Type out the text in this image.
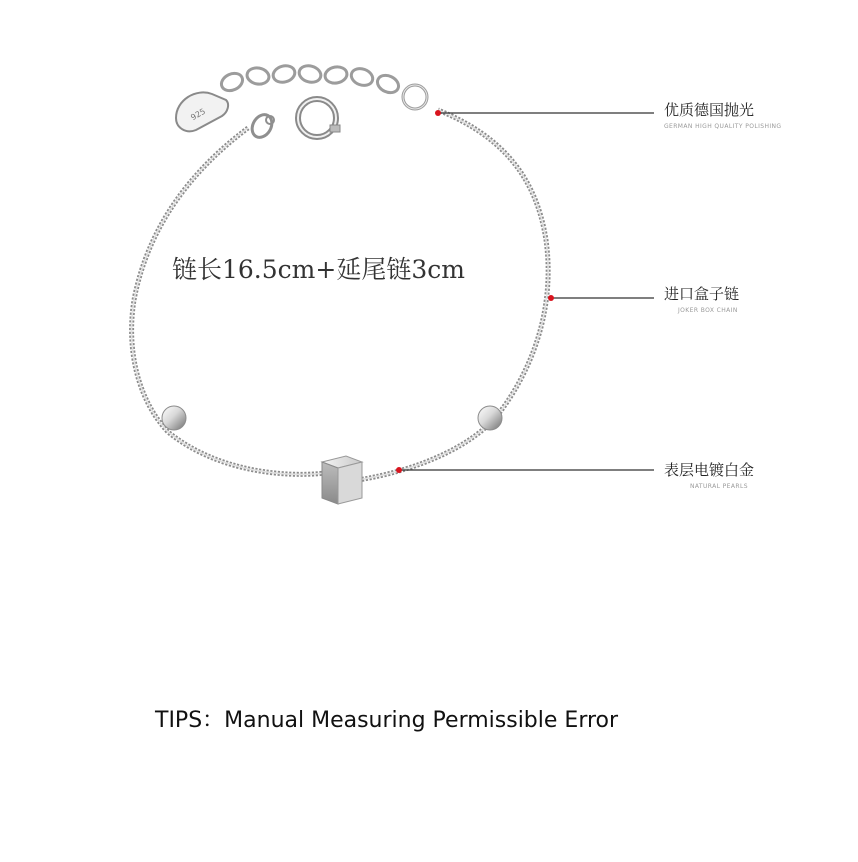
925
链长16.5cm+延尾链3cm
优质德国抛光
GERMAN HIGH QUALITY POLISHING
进口盒子链
JOKER BOX CHAIN
表层电镀白金
NATURAL PEARLS
TIPS：Manual Measuring Permissible Error
